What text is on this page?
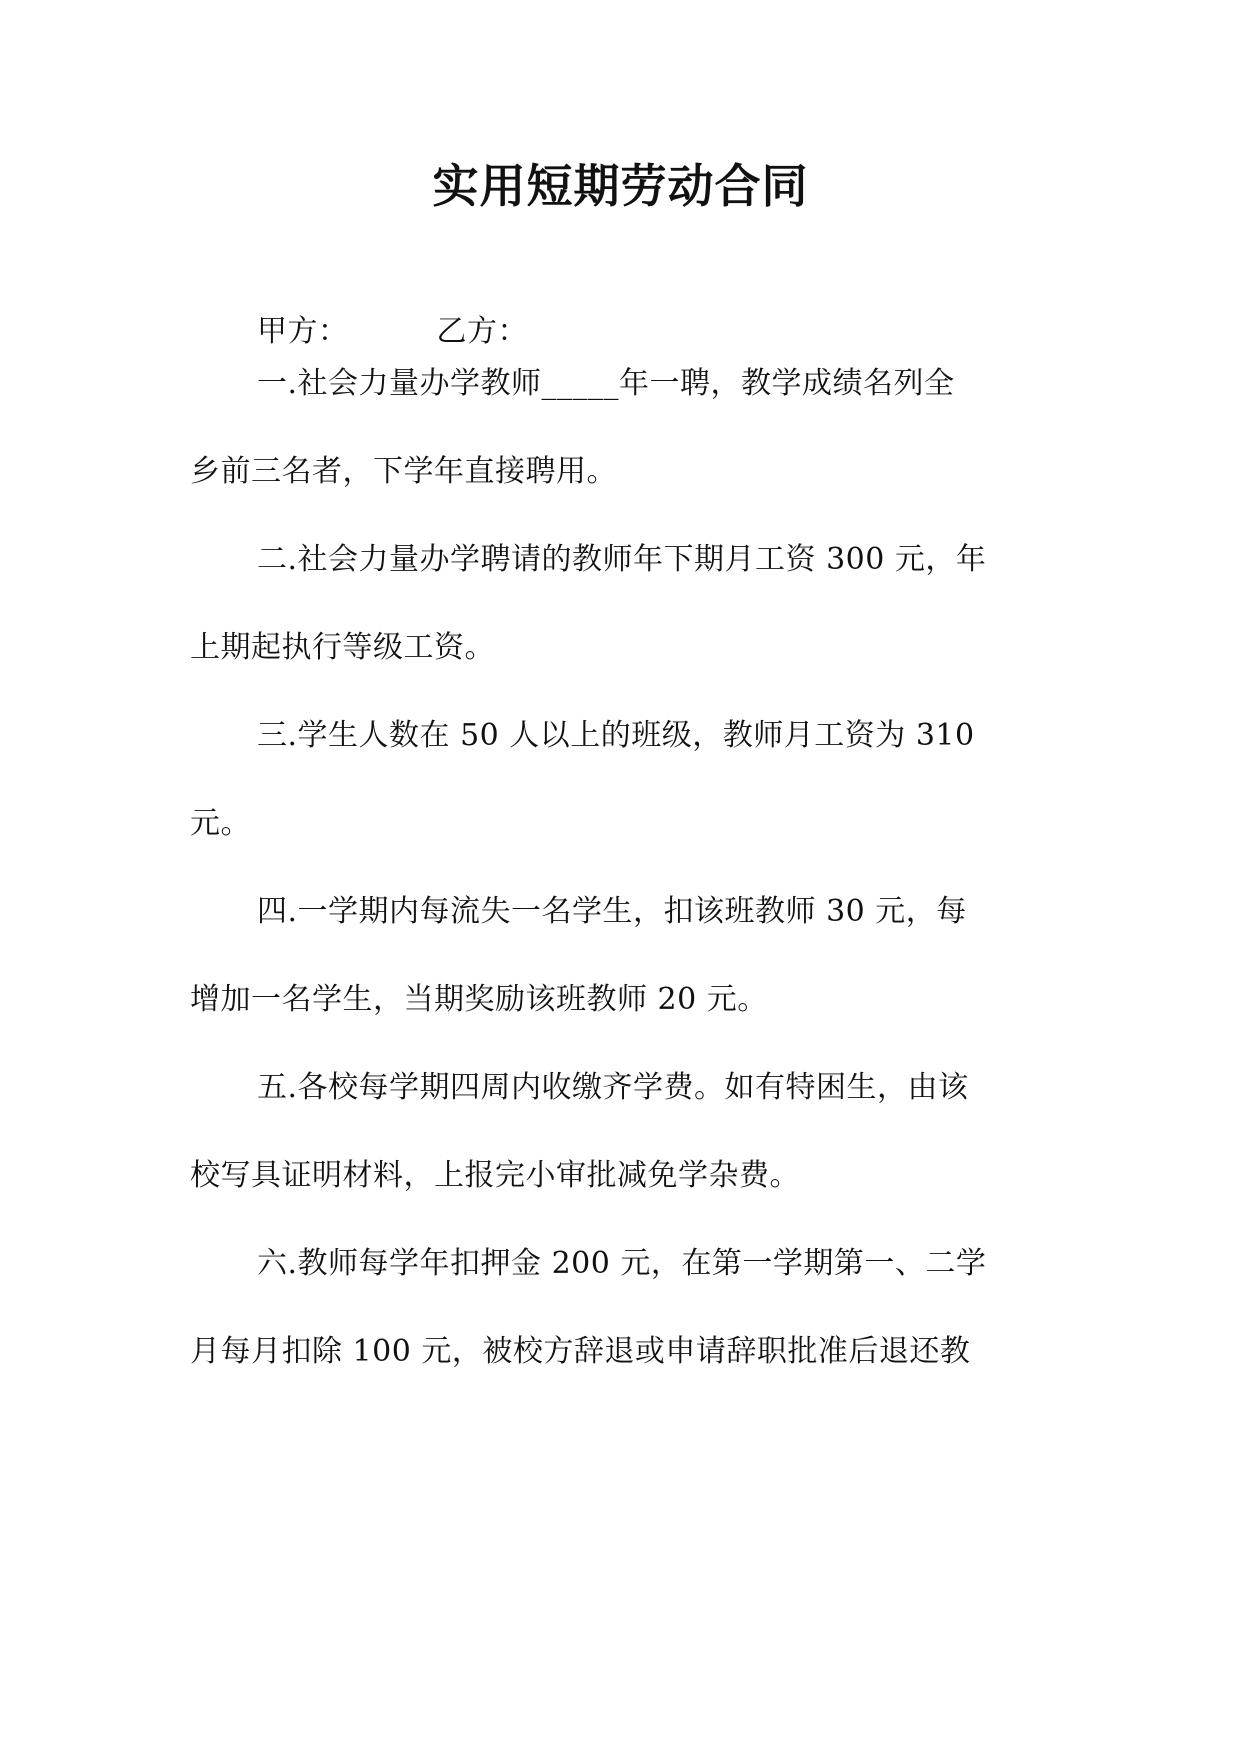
实用短期劳动合同
甲方：	乙方：
一.社会力量办学教师_____年一聘，教学成绩名列全
乡前三名者，下学年直接聘用。
二.社会力量办学聘请的教师年下期月工资 300 元，年
上期起执行等级工资。
三.学生人数在 50 人以上的班级，教师月工资为 310
元。
四.一学期内每流失一名学生，扣该班教师 30 元，每
增加一名学生，当期奖励该班教师 20 元。
五.各校每学期四周内收缴齐学费。如有特困生，由该
校写具证明材料，上报完小审批减免学杂费。
六.教师每学年扣押金 200 元，在第一学期第一、二学
月每月扣除 100 元，被校方辞退或申请辞职批准后退还教
